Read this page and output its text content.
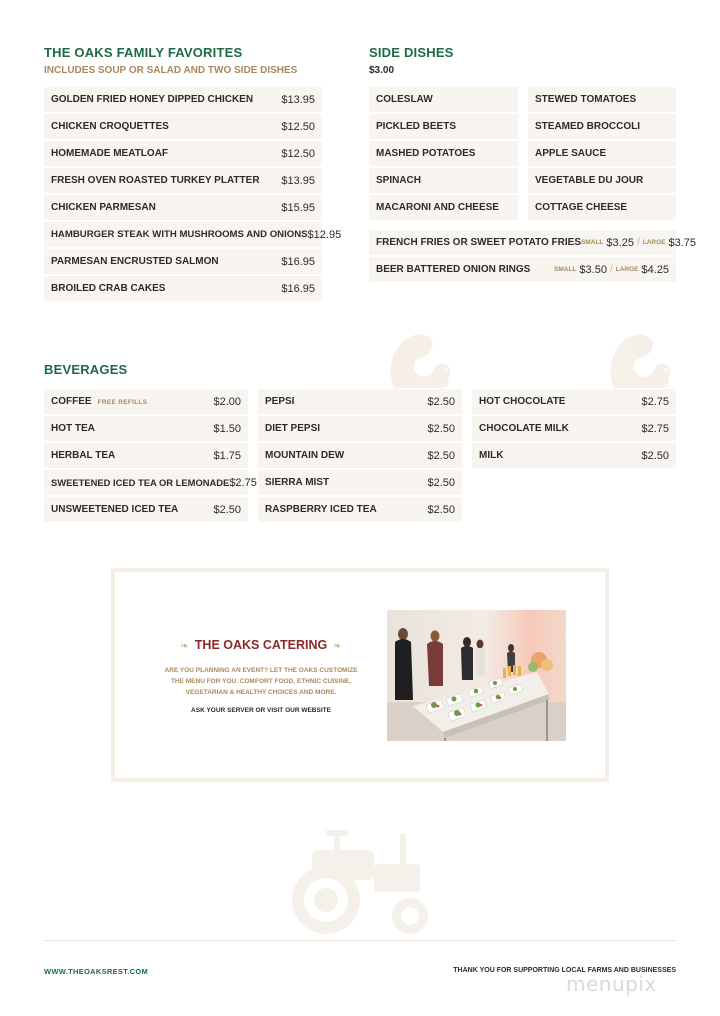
THE OAKS FAMILY FAVORITES
INCLUDES SOUP OR SALAD AND TWO SIDE DISHES
GOLDEN FRIED HONEY DIPPED CHICKEN	$13.95
CHICKEN CROQUETTES	$12.50
HOMEMADE MEATLOAF	$12.50
FRESH OVEN ROASTED TURKEY PLATTER	$13.95
CHICKEN PARMESAN	$15.95
HAMBURGER STEAK WITH MUSHROOMS AND ONIONS $12.95
PARMESAN ENCRUSTED SALMON	$16.95
BROILED CRAB CAKES	$16.95
SIDE DISHES
$3.00
COLESLAW
PICKLED BEETS
MASHED POTATOES
SPINACH
MACARONI AND CHEESE
STEWED TOMATOES
STEAMED BROCCOLI
APPLE SAUCE
VEGETABLE DU JOUR
COTTAGE CHEESE
FRENCH FRIES OR SWEET POTATO FRIES SMALL $3.25 / LARGE $3.75
BEER BATTERED ONION RINGS	SMALL $3.50 / LARGE $4.25
BEVERAGES
COFFEE FREE REFILLS	$2.00
HOT TEA	$1.50
HERBAL TEA	$1.75
SWEETENED ICED TEA OR LEMONADE $2.75
UNSWEETENED ICED TEA	$2.50
PEPSI	$2.50
DIET PEPSI	$2.50
MOUNTAIN DEW	$2.50
SIERRA MIST	$2.50
RASPBERRY ICED TEA	$2.50
HOT CHOCOLATE	$2.75
CHOCOLATE MILK	$2.75
MILK	$2.50
❧ THE OAKS CATERING ❧
ARE YOU PLANNING AN EVENT? LET THE OAKS CUSTOMIZE
THE MENU FOR YOU. COMFORT FOOD, ETHNIC CUISINE,
VEGETARIAN & HEALTHY CHOICES AND MORE.
ASK YOUR SERVER OR VISIT OUR WEBSITE
WWW.THEOAKSREST.COM	THANK YOU FOR SUPPORTING LOCAL FARMS AND BUSINESSES
menupix
